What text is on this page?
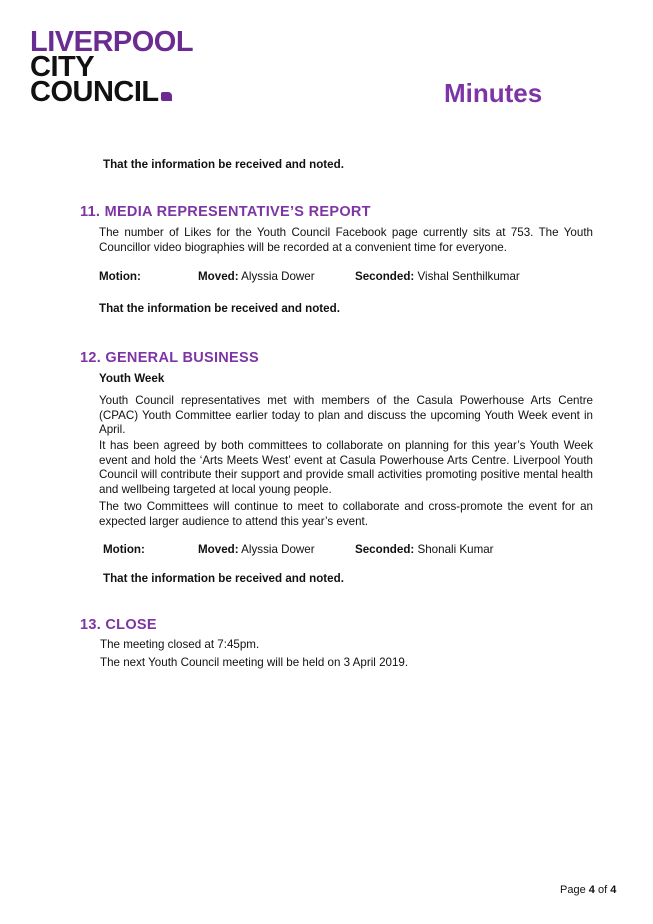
LIVERPOOL
CITY
COUNCIL	Minutes
That the information be received and noted.
11. MEDIA REPRESENTATIVE’S REPORT
The number of Likes for the Youth Council Facebook page currently sits at 753. The Youth Councillor video biographies will be recorded at a convenient time for everyone.
Motion:	Moved: Alyssia Dower	Seconded: Vishal Senthilkumar
That the information be received and noted.
12. GENERAL BUSINESS
Youth Week
Youth Council representatives met with members of the Casula Powerhouse Arts Centre (CPAC) Youth Committee earlier today to plan and discuss the upcoming Youth Week event in April.
It has been agreed by both committees to collaborate on planning for this year’s Youth Week event and hold the ‘Arts Meets West’ event at Casula Powerhouse Arts Centre. Liverpool Youth Council will contribute their support and provide small activities promoting positive mental health and wellbeing targeted at local young people.
The two Committees will continue to meet to collaborate and cross-promote the event for an expected larger audience to attend this year’s event.
Motion:	Moved: Alyssia Dower	Seconded: Shonali Kumar
That the information be received and noted.
13. CLOSE
The meeting closed at 7:45pm.
The next Youth Council meeting will be held on 3 April 2019.
Page 4 of 4
